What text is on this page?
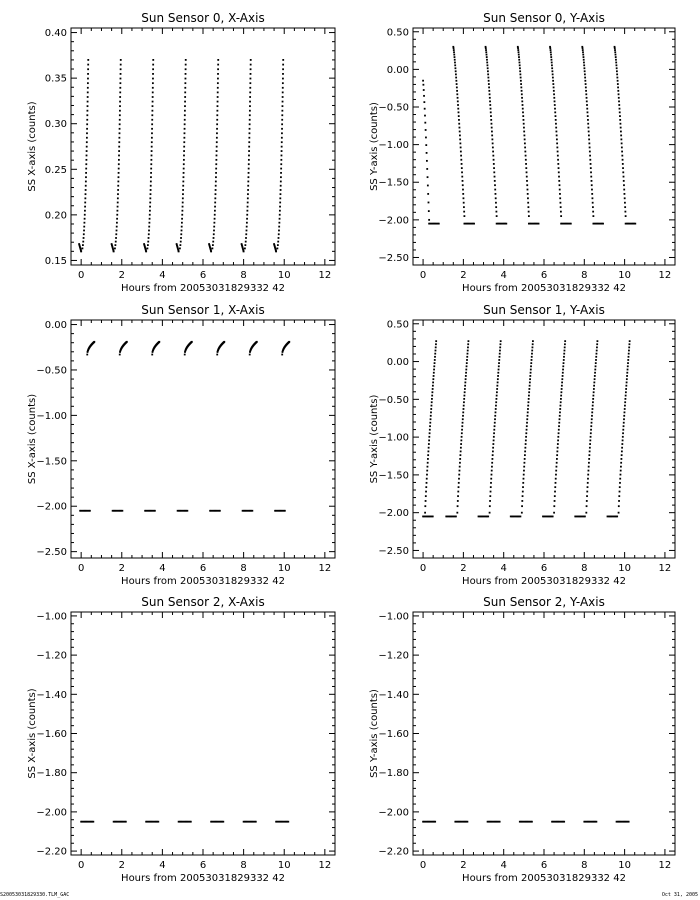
Sun Sensor 0, X-Axis
0	2	4	6	8	10	12
0.15
0.20
0.25
0.30
0.35
0.40
Hours from 20053031829332 42
SS X-axis (counts)
Sun Sensor 0, Y-Axis
0	2	4	6	8	10	12
−2.50
−2.00
−1.50
−1.00
−0.50
0.00
0.50
Hours from 20053031829332 42
SS Y-axis (counts)
Sun Sensor 1, X-Axis
0	2	4	6	8	10	12
−2.50
−2.00
−1.50
−1.00
−0.50
0.00
Hours from 20053031829332 42
SS X-axis (counts)
Sun Sensor 1, Y-Axis
0	2	4	6	8	10	12
−2.50
−2.00
−1.50
−1.00
−0.50
0.00
0.50
Hours from 20053031829332 42
SS Y-axis (counts)
Sun Sensor 2, X-Axis
0	2	4	6	8	10	12
−2.20
−2.00
−1.80
−1.60
−1.40
−1.20
−1.00
Hours from 20053031829332 42
SS X-axis (counts)
Sun Sensor 2, Y-Axis
0	2	4	6	8	10	12
−2.20
−2.00
−1.80
−1.60
−1.40
−1.20
−1.00
Hours from 20053031829332 42
SS Y-axis (counts)
S20053031829330.TLM_GAC	Oct 31, 2005
